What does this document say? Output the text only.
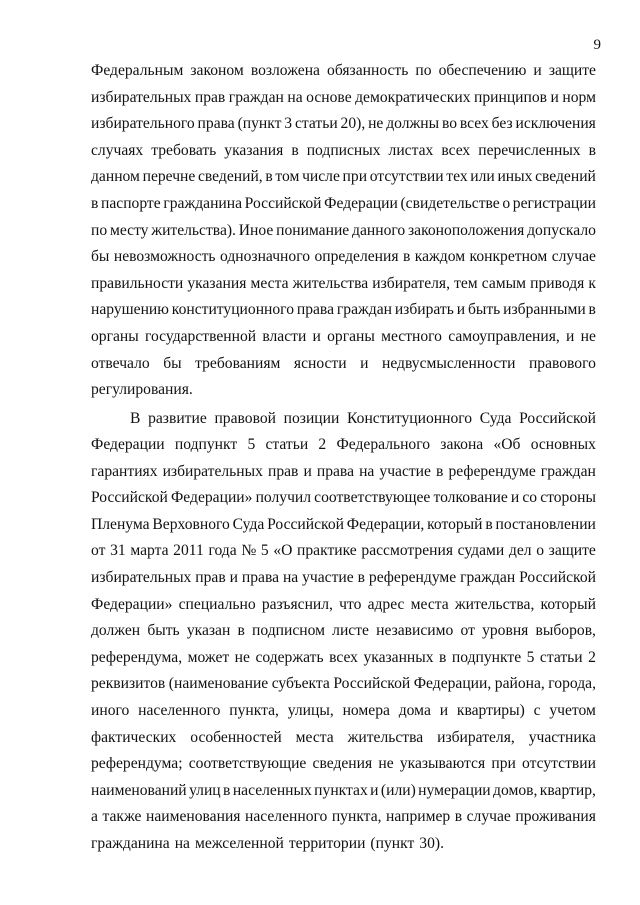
9
Федеральным законом возложена обязанность по обеспечению и защите
избирательных прав граждан на основе демократических принципов и норм
избирательного права (пункт 3 статьи 20), не должны во всех без исключения
случаях требовать указания в подписных листах всех перечисленных в
данном перечне сведений, в том числе при отсутствии тех или иных сведений
в паспорте гражданина Российской Федерации (свидетельстве о регистрации
по месту жительства). Иное понимание данного законоположения допускало
бы невозможность однозначного определения в каждом конкретном случае
правильности указания места жительства избирателя, тем самым приводя к
нарушению конституционного права граждан избирать и быть избранными в
органы государственной власти и органы местного самоуправления, и не
отвечало бы требованиям ясности и недвусмысленности правового
регулирования.
В развитие правовой позиции Конституционного Суда Российской
Федерации подпункт 5 статьи 2 Федерального закона «Об основных
гарантиях избирательных прав и права на участие в референдуме граждан
Российской Федерации» получил соответствующее толкование и со стороны
Пленума Верховного Суда Российской Федерации, который в постановлении
от 31 марта 2011 года № 5 «О практике рассмотрения судами дел о защите
избирательных прав и права на участие в референдуме граждан Российской
Федерации» специально разъяснил, что адрес места жительства, который
должен быть указан в подписном листе независимо от уровня выборов,
референдума, может не содержать всех указанных в подпункте 5 статьи 2
реквизитов (наименование субъекта Российской Федерации, района, города,
иного населенного пункта, улицы, номера дома и квартиры) с учетом
фактических особенностей места жительства избирателя, участника
референдума; соответствующие сведения не указываются при отсутствии
наименований улиц в населенных пунктах и (или) нумерации домов, квартир,
а также наименования населенного пункта, например в случае проживания
гражданина на межселенной территории (пункт 30).
